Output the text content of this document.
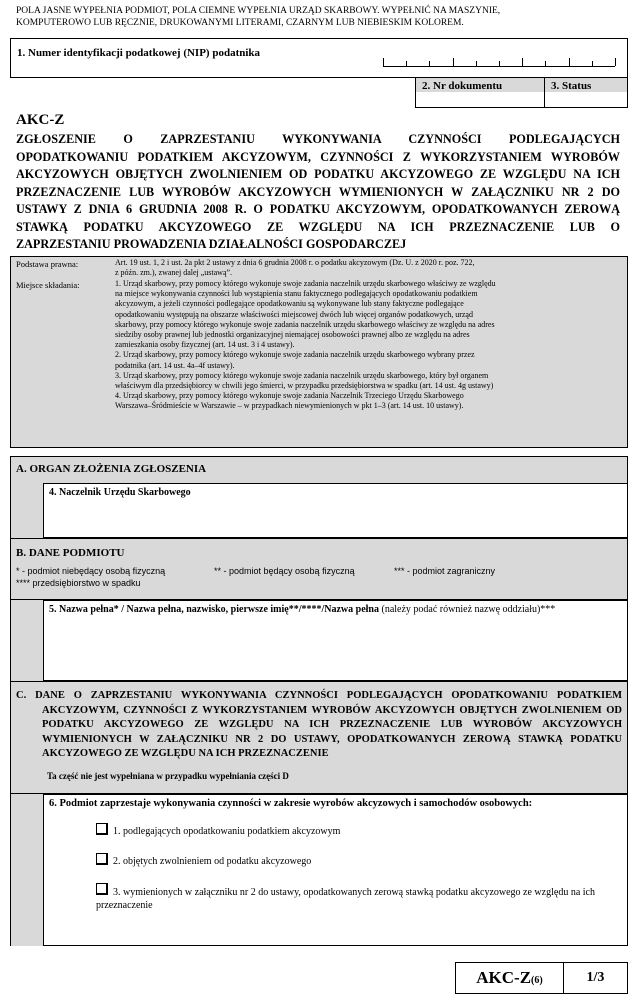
POLA JASNE WYPEŁNIA PODMIOT, POLA CIEMNE WYPEŁNIA URZĄD SKARBOWY. WYPEŁNIĆ NA MASZYNIE,
KOMPUTEROWO LUB RĘCZNIE, DRUKOWANYMI LITERAMI, CZARNYM LUB NIEBIESKIM KOLOREM.
1. Numer identyfikacji podatkowej (NIP) podatnika
2. Nr dokumentu	3. Status
AKC-Z
ZGŁOSZENIE O ZAPRZESTANIU WYKONYWANIA CZYNNOŚCI PODLEGAJĄCYCH
OPODATKOWANIU PODATKIEM AKCYZOWYM, CZYNNOŚCI Z WYKORZYSTANIEM WYROBÓW
AKCYZOWYCH OBJĘTYCH ZWOLNIENIEM OD PODATKU AKCYZOWEGO ZE WZGLĘDU NA ICH
PRZEZNACZENIE LUB WYROBÓW AKCYZOWYCH WYMIENIONYCH W ZAŁĄCZNIKU NR 2 DO
USTAWY Z DNIA 6 GRUDNIA 2008 R. O PODATKU AKCYZOWYM, OPODATKOWANYCH ZEROWĄ
STAWKĄ PODATKU AKCYZOWEGO ZE WZGLĘDU NA ICH PRZEZNACZENIE LUB O
ZAPRZESTANIU PROWADZENIA DZIAŁALNOŚCI GOSPODARCZEJ
Podstawa prawna:	Art. 19 ust. 1, 2 i ust. 2a pkt 2 ustawy z dnia 6 grudnia 2008 r. o podatku akcyzowym (Dz. U. z 2020 r. poz. 722,
z późn. zm.), zwanej dalej „ustawą”.
Miejsce składania:	1. Urząd skarbowy, przy pomocy którego wykonuje swoje zadania naczelnik urzędu skarbowego właściwy ze względu
na miejsce wykonywania czynności lub wystąpienia stanu faktycznego podlegających opodatkowaniu podatkiem
akcyzowym, a jeżeli czynności podlegające opodatkowaniu są wykonywane lub stany faktyczne podlegające
opodatkowaniu występują na obszarze właściwości miejscowej dwóch lub więcej organów podatkowych, urząd
skarbowy, przy pomocy którego wykonuje swoje zadania naczelnik urzędu skarbowego właściwy ze względu na adres
siedziby osoby prawnej lub jednostki organizacyjnej niemającej osobowości prawnej albo ze względu na adres
zamieszkania osoby fizycznej (art. 14 ust. 3 i 4 ustawy).
2. Urząd skarbowy, przy pomocy którego wykonuje swoje zadania naczelnik urzędu skarbowego wybrany przez
podatnika (art. 14 ust. 4a–4f ustawy).
3. Urząd skarbowy, przy pomocy którego wykonuje swoje zadania naczelnik urzędu skarbowego, który był organem
właściwym dla przedsiębiorcy w chwili jego śmierci, w przypadku przedsiębiorstwa w spadku (art. 14 ust. 4g ustawy)
4. Urząd skarbowy, przy pomocy którego wykonuje swoje zadania Naczelnik Trzeciego Urzędu Skarbowego
Warszawa–Śródmieście w Warszawie – w przypadkach niewymienionych w pkt 1–3 (art. 14 ust. 10 ustawy).
A. ORGAN ZŁOŻENIA ZGŁOSZENIA
4. Naczelnik Urzędu Skarbowego
B. DANE PODMIOTU
* - podmiot niebędący osobą fizyczną	** - podmiot będący osobą fizyczną	*** - podmiot zagraniczny
**** przedsiębiorstwo w spadku
5. Nazwa pełna* / Nazwa pełna, nazwisko, pierwsze imię**/****/Nazwa pełna (należy podać również nazwę oddziału)***
C. DANE O ZAPRZESTANIU WYKONYWANIA CZYNNOŚCI PODLEGAJĄCYCH OPODATKOWANIU PODATKIEM
AKCYZOWYM, CZYNNOŚCI Z WYKORZYSTANIEM WYROBÓW AKCYZOWYCH OBJĘTYCH ZWOLNIENIEM OD PODATKU AKCYZOWEGO ZE WZGLĘDU NA ICH PRZEZNACZENIE LUB WYROBÓW AKCYZOWYCH WYMIENIONYCH W ZAŁĄCZNIKU NR 2 DO USTAWY, OPODATKOWANYCH ZEROWĄ STAWKĄ PODATKU AKCYZOWEGO ZE WZGLĘDU NA ICH PRZEZNACZENIE
Ta część nie jest wypełniana w przypadku wypełniania części D
6. Podmiot zaprzestaje wykonywania czynności w zakresie wyrobów akcyzowych i samochodów osobowych:
1. podlegających opodatkowaniu podatkiem akcyzowym
2. objętych zwolnieniem od podatku akcyzowego
3. wymienionych w załączniku nr 2 do ustawy, opodatkowanych zerową stawką podatku akcyzowego ze względu na ich przeznaczenie
AKC-Z(6)	1/3
